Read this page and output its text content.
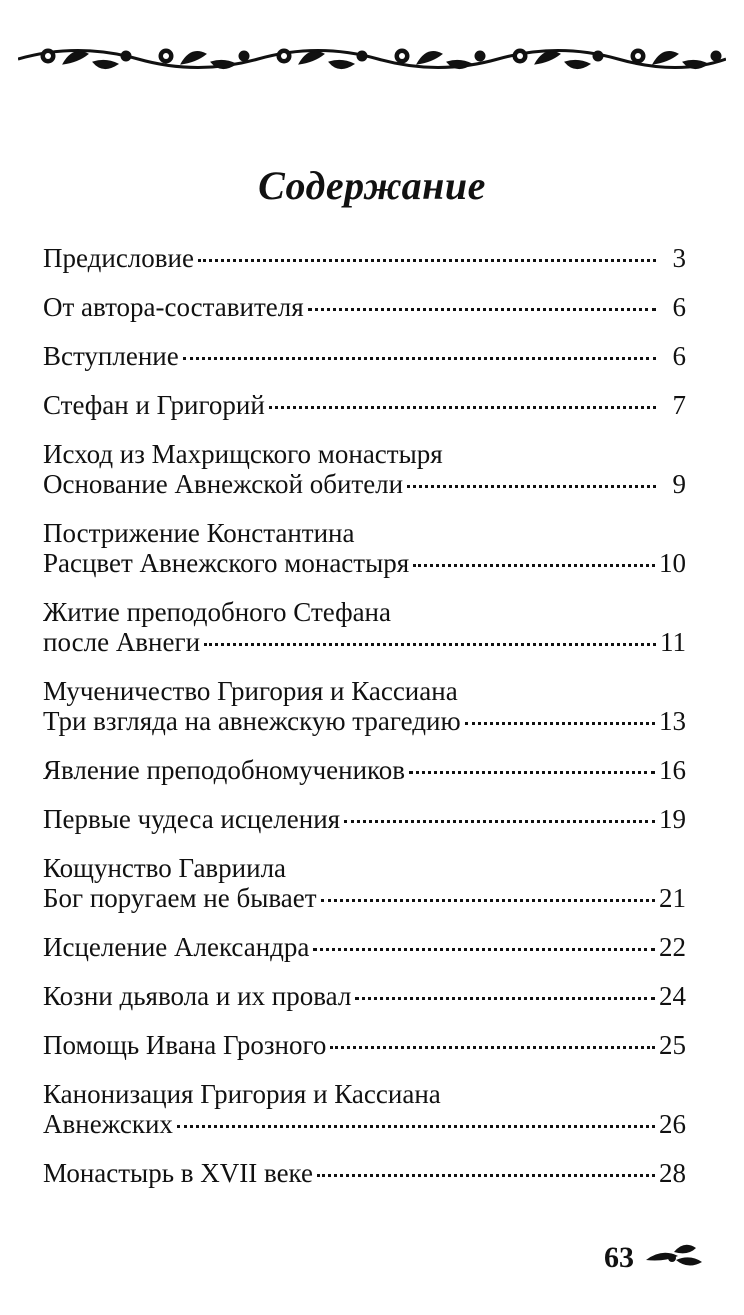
Содержание
Предисловие	3
От автора-составителя	6
Вступление	6
Стефан и Григорий	7
Исход из Махрищского монастыря
Основание Авнежской обители	9
Пострижение Константина
Расцвет Авнежского монастыря	10
Житие преподобного Стефана
после Авнеги	11
Мученичество Григория и Кассиана
Три взгляда на авнежскую трагедию	13
Явление преподобномучеников	16
Первые чудеса исцеления	19
Кощунство Гавриила
Бог поругаем не бывает	21
Исцеление Александра	22
Козни дьявола и их провал	24
Помощь Ивана Грозного	25
Канонизация Григория и Кассиана
Авнежских	26
Монастырь в XVII веке	28
63
